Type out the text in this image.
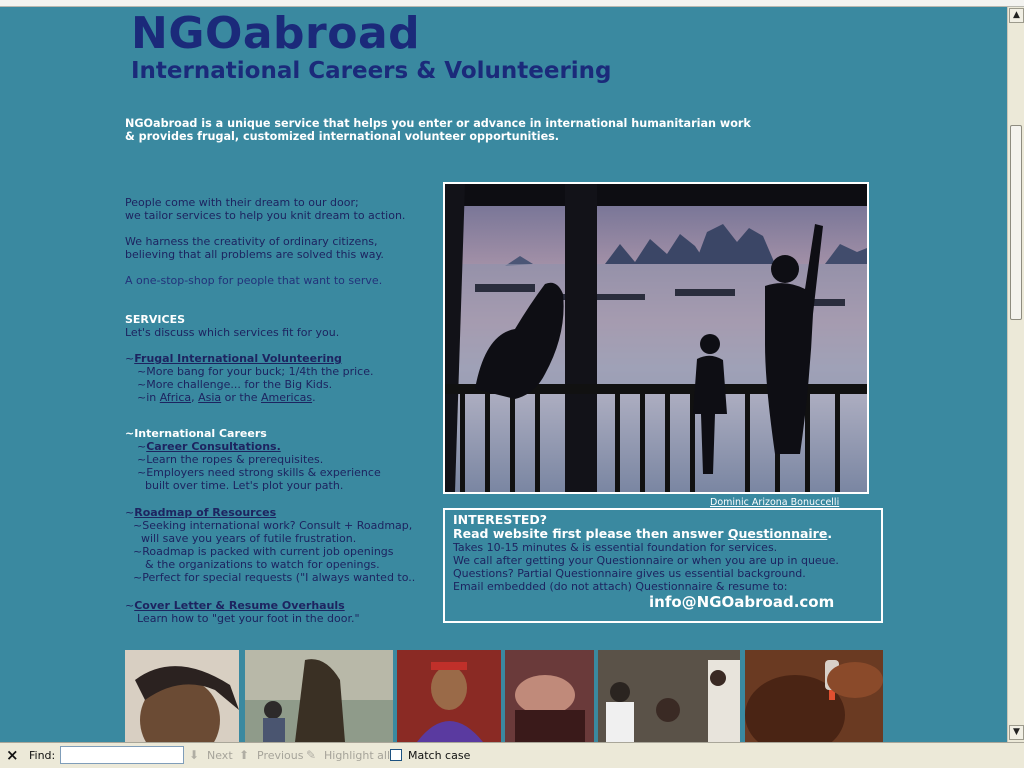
NGOabroad
International Careers & Volunteering
NGOabroad is a unique service that helps you enter or advance in international humanitarian work
& provides frugal, customized international volunteer opportunities.
People come with their dream to our door;
we tailor services to help you knit dream to action.
We harness the creativity of ordinary citizens,
believing that all problems are solved this way.
A one-stop-shop for people that want to serve.
SERVICES
Let's discuss which services fit for you.
~Frugal International Volunteering
~More bang for your buck; 1/4th the price.
~More challenge... for the Big Kids.
~in Africa, Asia or the Americas.
~International Careers
~Career Consultations.
~Learn the ropes & prerequisites.
~Employers need strong skills & experience
built over time. Let's plot your path.
~Roadmap of Resources
~Seeking international work? Consult + Roadmap,
will save you years of futile frustration.
~Roadmap is packed with current job openings
& the organizations to watch for openings.
~Perfect for special requests ("I always wanted to..
~Cover Letter & Resume Overhauls
Learn how to "get your foot in the door."
Dominic Arizona Bonuccelli
INTERESTED?
Read website first please then answer Questionnaire.
Takes 10-15 minutes & is essential foundation for services.
We call after getting your Questionnaire or when you are up in queue.
Questions? Partial Questionnaire gives us essential background.
Email embedded (do not attach) Questionnaire & resume to:
info@NGOabroad.com
▲
▼
× Find:	⬇ Next ⬆ Previous ✎ Highlight all Match case
